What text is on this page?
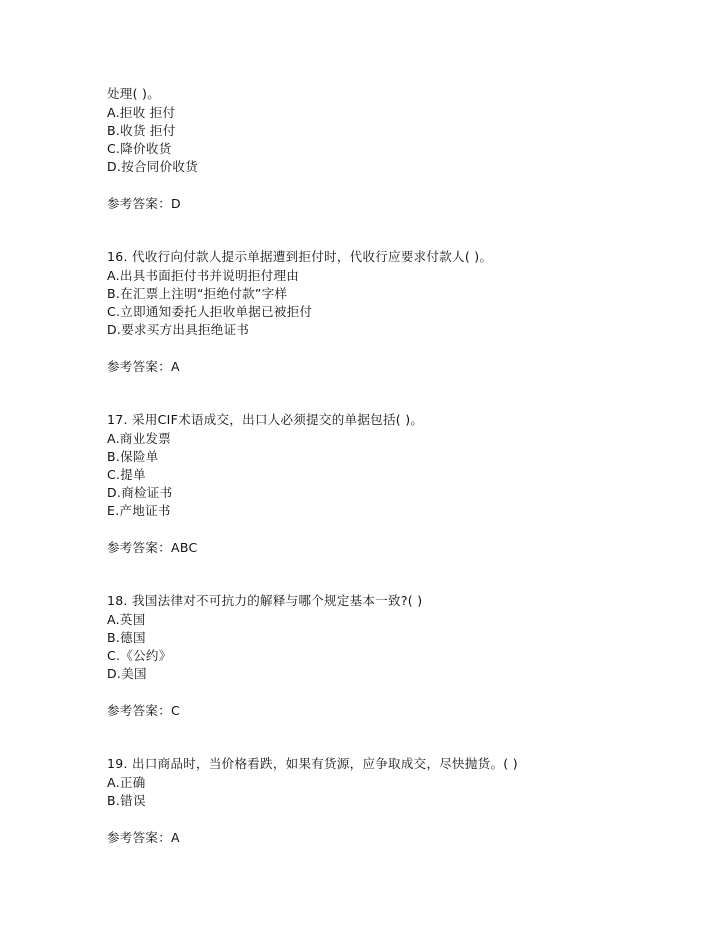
处理( )。
A.拒收 拒付
B.收货 拒付
C.降价收货
D.按合同价收货
参考答案：D
16. 代收行向付款人提示单据遭到拒付时，代收行应要求付款人( )。
A.出具书面拒付书并说明拒付理由
B.在汇票上注明“拒绝付款”字样
C.立即通知委托人拒收单据已被拒付
D.要求买方出具拒绝证书
参考答案：A
17. 采用CIF术语成交，出口人必须提交的单据包括( )。
A.商业发票
B.保险单
C.提单
D.商检证书
E.产地证书
参考答案：ABC
18. 我国法律对不可抗力的解释与哪个规定基本一致?( )
A.英国
B.德国
C.《公约》
D.美国
参考答案：C
19. 出口商品时，当价格看跌，如果有货源，应争取成交，尽快抛货。( )
A.正确
B.错误
参考答案：A
